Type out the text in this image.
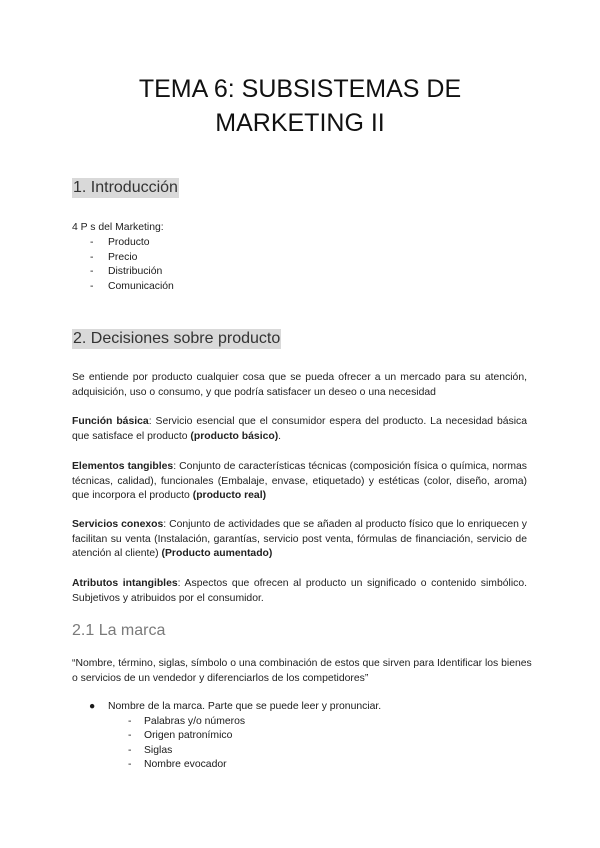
TEMA 6: SUBSISTEMAS DE
MARKETING II
1. Introducción
4 P s del Marketing:
- Producto
- Precio
- Distribución
- Comunicación
2. Decisiones sobre producto
Se entiende por producto cualquier cosa que se pueda ofrecer a un mercado para su atención, adquisición, uso o consumo, y que podría satisfacer un deseo o una necesidad
Función básica: Servicio esencial que el consumidor espera del producto. La necesidad básica que satisface el producto (producto básico).
Elementos tangibles: Conjunto de características técnicas (composición física o química, normas técnicas, calidad), funcionales (Embalaje, envase, etiquetado) y estéticas (color, diseño, aroma) que incorpora el producto (producto real)
Servicios conexos: Conjunto de actividades que se añaden al producto físico que lo enriquecen y facilitan su venta (Instalación, garantías, servicio post venta, fórmulas de financiación, servicio de atención al cliente) (Producto aumentado)
Atributos intangibles: Aspectos que ofrecen al producto un significado o contenido simbólico. Subjetivos y atribuidos por el consumidor.
2.1 La marca
“Nombre, término, siglas, símbolo o una combinación de estos que sirven para Identificar los bienes o servicios de un vendedor y diferenciarlos de los competidores”
● Nombre de la marca. Parte que se puede leer y pronunciar.
- Palabras y/o números
- Origen patronímico
- Siglas
- Nombre evocador
